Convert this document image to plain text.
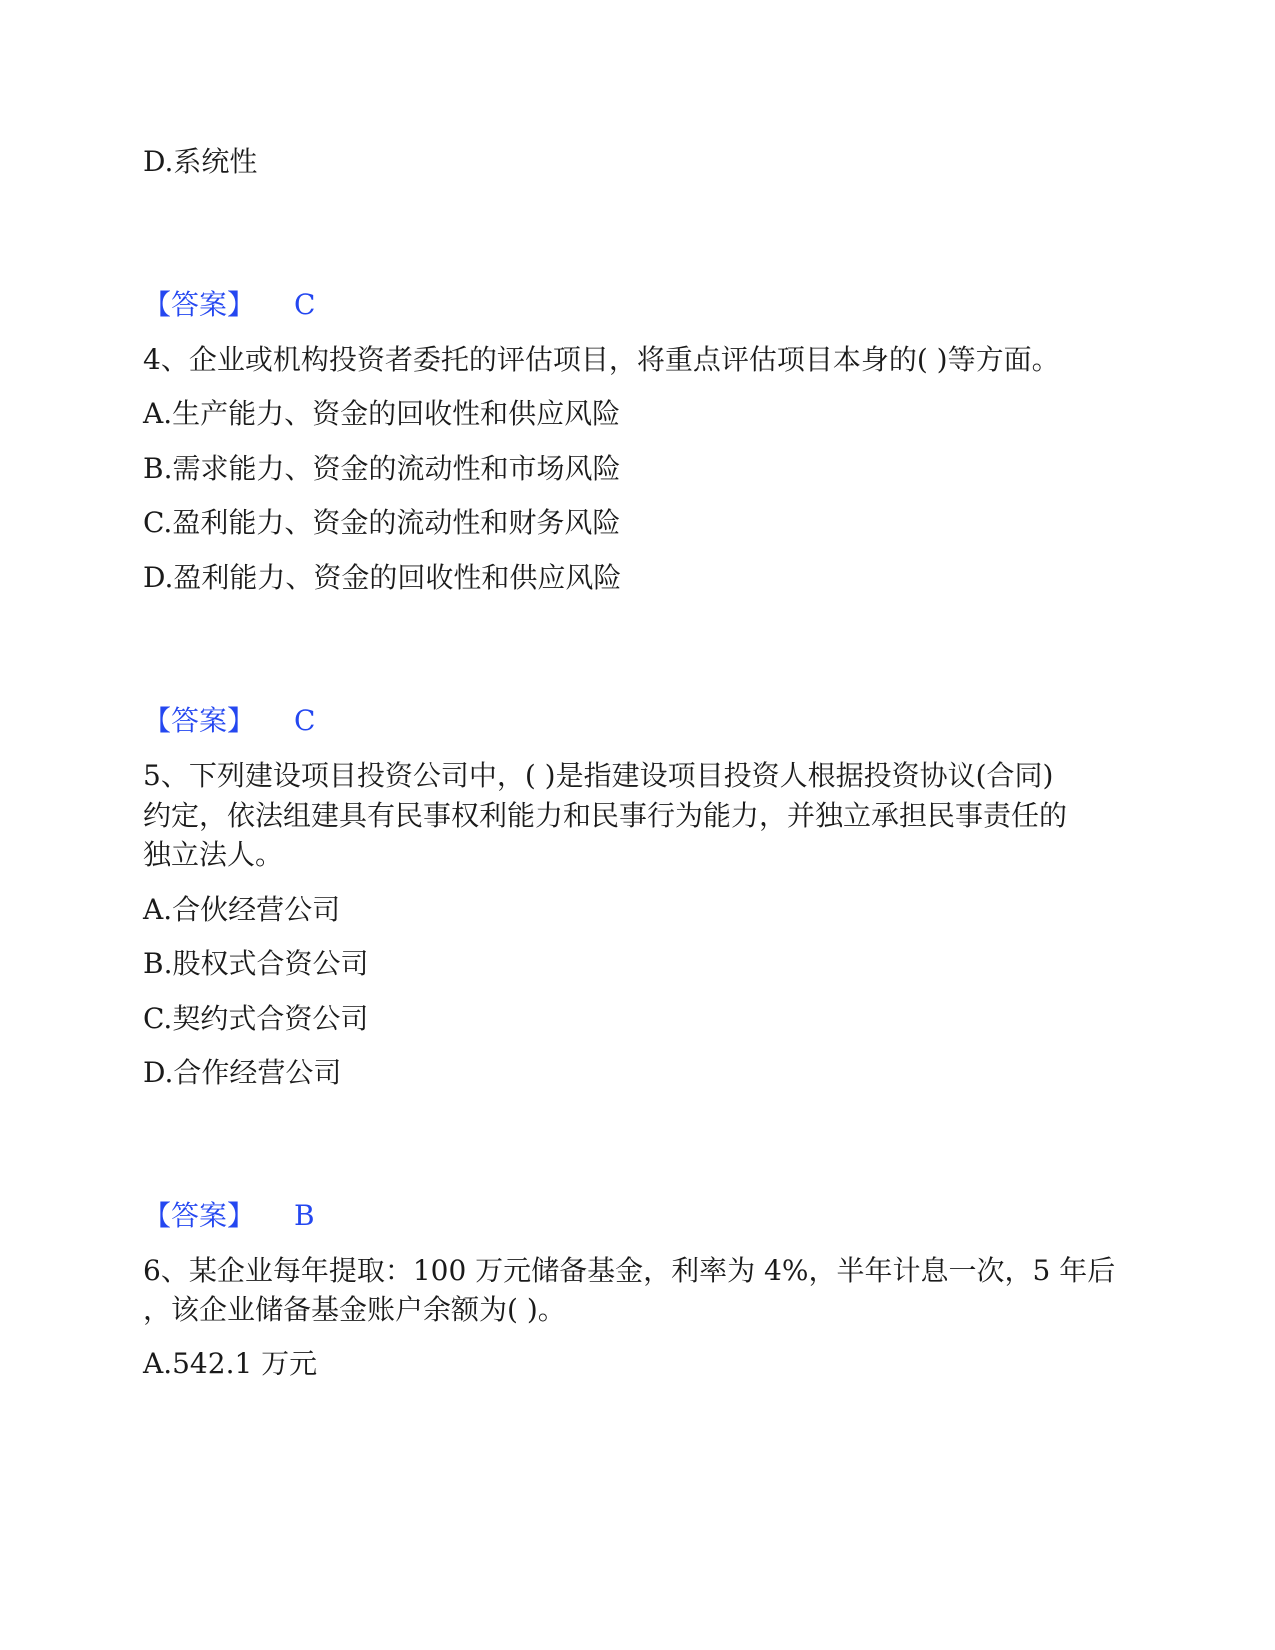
D.系统性
【答案】 C
4、企业或机构投资者委托的评估项目，将重点评估项目本身的( )等方面。
A.生产能力、资金的回收性和供应风险
B.需求能力、资金的流动性和市场风险
C.盈利能力、资金的流动性和财务风险
D.盈利能力、资金的回收性和供应风险
【答案】 C
5、下列建设项目投资公司中，( )是指建设项目投资人根据投资协议(合同)
约定，依法组建具有民事权利能力和民事行为能力，并独立承担民事责任的
独立法人。
A.合伙经营公司
B.股权式合资公司
C.契约式合资公司
D.合作经营公司
【答案】 B
6、某企业每年提取：100 万元储备基金，利率为 4%，半年计息一次，5 年后
，该企业储备基金账户余额为( )。
A.542.1 万元
